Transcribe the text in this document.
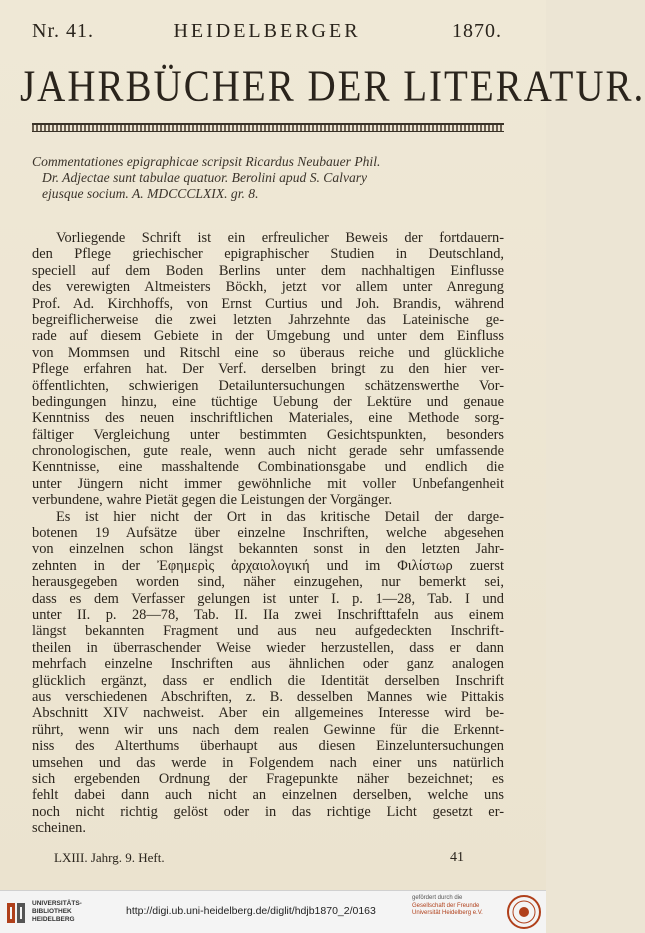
Nr. 41.	HEIDELBERGER	1870.
JAHRBÜCHER DER LITERATUR.
Commentationes epigraphicae scripsit Ricardus Neubauer Phil.
Dr. Adjectae sunt tabulae quatuor. Berolini apud S. Calvary
ejusque socium. A. MDCCCLXIX. gr. 8.
Vorliegende Schrift ist ein erfreulicher Beweis der fortdauern-
den Pflege griechischer epigraphischer Studien in Deutschland,
speciell auf dem Boden Berlins unter dem nachhaltigen Einflusse
des verewigten Altmeisters Böckh, jetzt vor allem unter Anregung
Prof. Ad. Kirchhoffs, von Ernst Curtius und Joh. Brandis, während
begreiflicherweise die zwei letzten Jahrzehnte das Lateinische ge-
rade auf diesem Gebiete in der Umgebung und unter dem Einfluss
von Mommsen und Ritschl eine so überaus reiche und glückliche
Pflege erfahren hat. Der Verf. derselben bringt zu den hier ver-
öffentlichten, schwierigen Detailuntersuchungen schätzenswerthe Vor-
bedingungen hinzu, eine tüchtige Uebung der Lektüre und genaue
Kenntniss des neuen inschriftlichen Materiales, eine Methode sorg-
fältiger Vergleichung unter bestimmten Gesichtspunkten, besonders
chronologischen, gute reale, wenn auch nicht gerade sehr umfassende
Kenntnisse, eine masshaltende Combinationsgabe und endlich die
unter Jüngern nicht immer gewöhnliche mit voller Unbefangenheit
verbundene, wahre Pietät gegen die Leistungen der Vorgänger.
Es ist hier nicht der Ort in das kritische Detail der darge-
botenen 19 Aufsätze über einzelne Inschriften, welche abgesehen
von einzelnen schon längst bekannten sonst in den letzten Jahr-
zehnten in der Ἐφημερὶς ἀρχαιολογική und im Φιλίστωρ zuerst
herausgegeben worden sind, näher einzugehen, nur bemerkt sei,
dass es dem Verfasser gelungen ist unter I. p. 1—28, Tab. I und
unter II. p. 28—78, Tab. II. IIa zwei Inschrifttafeln aus einem
längst bekannten Fragment und aus neu aufgedeckten Inschrift-
theilen in überraschender Weise wieder herzustellen, dass er dann
mehrfach einzelne Inschriften aus ähnlichen oder ganz analogen
glücklich ergänzt, dass er endlich die Identität derselben Inschrift
aus verschiedenen Abschriften, z. B. desselben Mannes wie Pittakis
Abschnitt XIV nachweist. Aber ein allgemeines Interesse wird be-
rührt, wenn wir uns nach dem realen Gewinne für die Erkennt-
niss des Alterthums überhaupt aus diesen Einzeluntersuchungen
umsehen und das werde in Folgendem nach einer uns natürlich
sich ergebenden Ordnung der Fragepunkte näher bezeichnet; es
fehlt dabei dann auch nicht an einzelnen derselben, welche uns
noch nicht richtig gelöst oder in das richtige Licht gesetzt er-
scheinen.
LXIII. Jahrg. 9. Heft.	41
UNIVERSITÄTS-BIBLIOTHEK HEIDELBERG
http://digi.ub.uni-heidelberg.de/diglit/hdjb1870_2/0163
gefördert durch die
Gesellschaft der Freunde Universität Heidelberg e.V.
